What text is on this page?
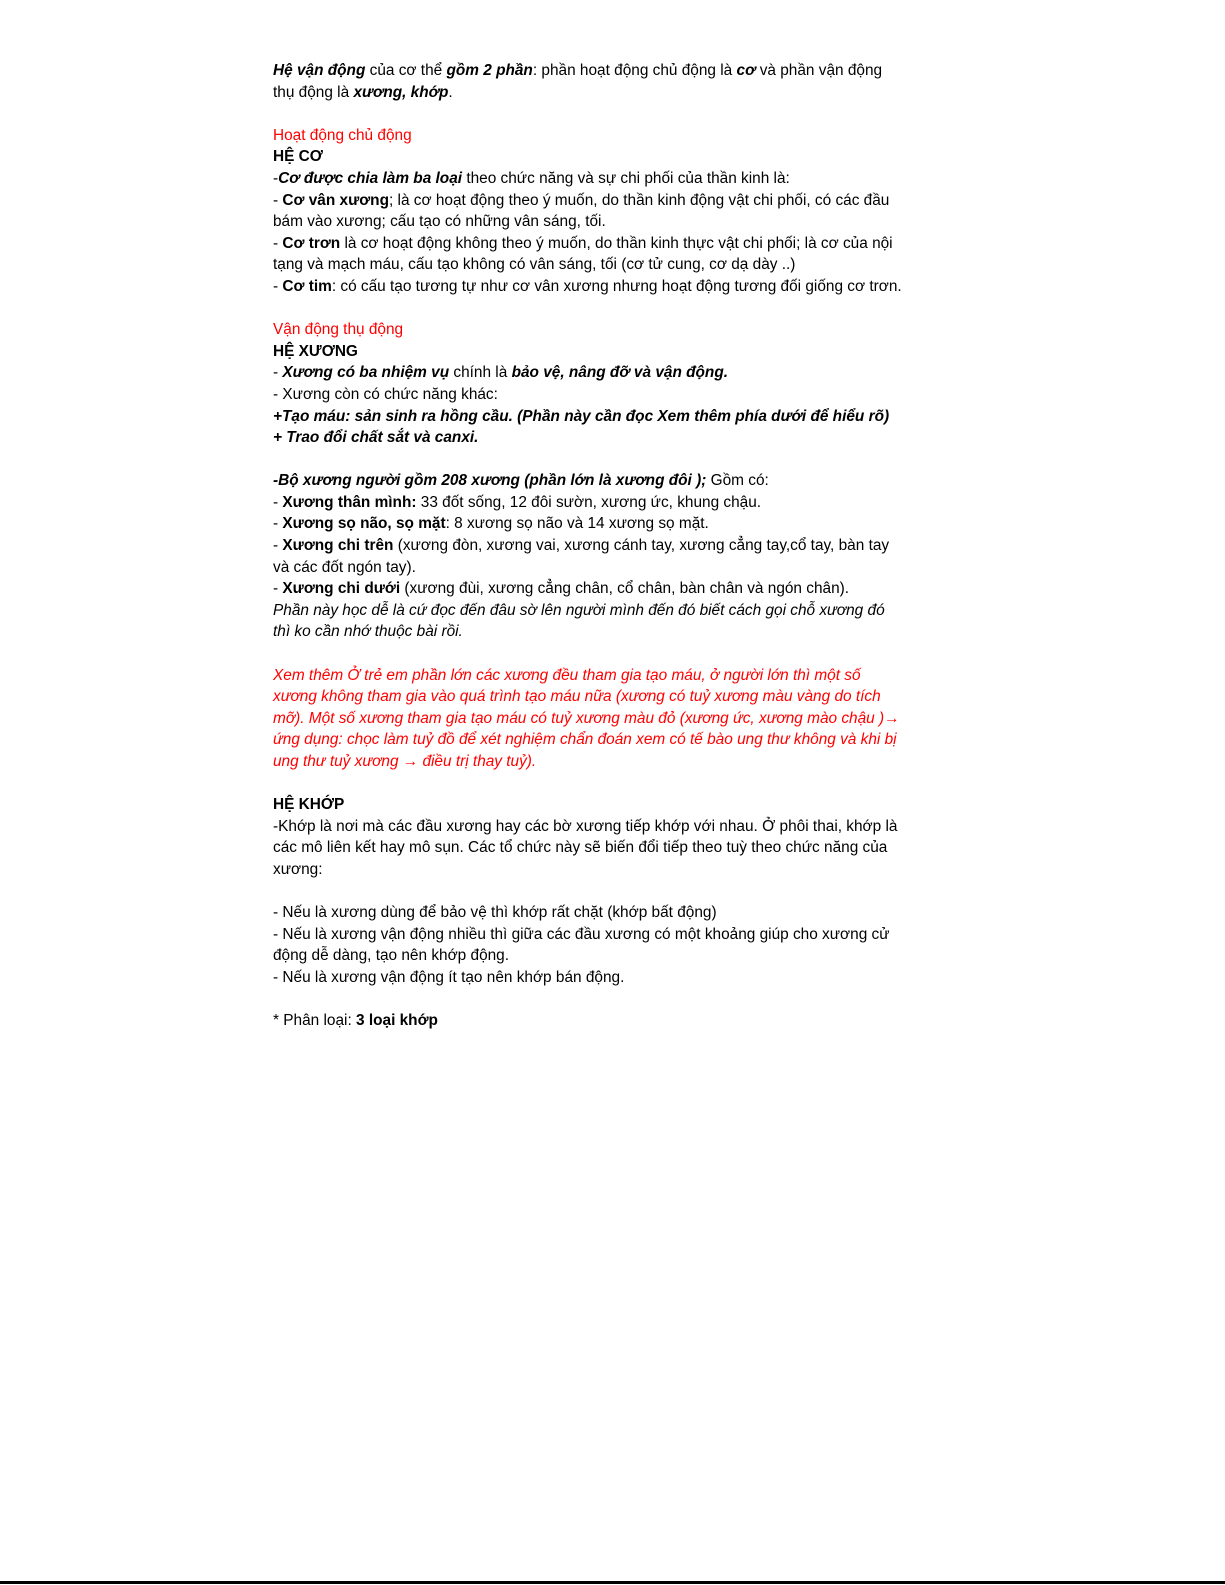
Hệ vận động của cơ thể gồm 2 phần: phần hoạt động chủ động là cơ và phần vận động
thụ động là xương, khớp.
Hoạt động chủ động
HỆ CƠ
-Cơ được chia làm ba loại theo chức năng và sự chi phối của thần kinh là:
- Cơ vân xương; là cơ hoạt động theo ý muốn, do thần kinh động vật chi phối, có các đầu
bám vào xương; cấu tạo có những vân sáng, tối.
- Cơ trơn là cơ hoạt động không theo ý muốn, do thần kinh thực vật chi phối; là cơ của nội
tạng và mạch máu, cấu tạo không có vân sáng, tối (cơ tử cung, cơ dạ dày ..)
- Cơ tim: có cấu tạo tương tự như cơ vân xương nhưng hoạt động tương đối giống cơ trơn.
Vận động thụ động
HỆ XƯƠNG
- Xương có ba nhiệm vụ chính là bảo vệ, nâng đỡ và vận động.
- Xương còn có chức năng khác:
+Tạo máu: sản sinh ra hồng cầu. (Phần này cần đọc Xem thêm phía dưới để hiểu rõ)
+ Trao đổi chất sắt và canxi.
-Bộ xương người gồm 208 xương (phần lớn là xương đôi ); Gồm có:
- Xương thân mình: 33 đốt sống, 12 đôi sườn, xương ức, khung chậu.
- Xương sọ não, sọ mặt: 8 xương sọ não và 14 xương sọ mặt.
- Xương chi trên (xương đòn, xương vai, xương cánh tay, xương cẳng tay,cổ tay, bàn tay
và các đốt ngón tay).
- Xương chi dưới (xương đùi, xương cẳng chân, cổ chân, bàn chân và ngón chân).
Phần này học dễ là cứ đọc đến đâu sờ lên người mình đến đó biết cách gọi chỗ xương đó
thì ko cần nhớ thuộc bài rồi.
Xem thêm Ở trẻ em phần lớn các xương đều tham gia tạo máu, ở người lớn thì một số
xương không tham gia vào quá trình tạo máu nữa (xương có tuỷ xương màu vàng do tích
mỡ). Một số xương tham gia tạo máu có tuỷ xương màu đỏ (xương ức, xương mào chậu )→
ứng dụng: chọc làm tuỷ đồ để xét nghiệm chẩn đoán xem có tế bào ung thư không và khi bị
ung thư tuỷ xương → điều trị thay tuỷ).
HỆ KHỚP
-Khớp là nơi mà các đầu xương hay các bờ xương tiếp khớp với nhau. Ở phôi thai, khớp là
các mô liên kết hay mô sụn. Các tổ chức này sẽ biến đổi tiếp theo tuỳ theo chức năng của
xương:
- Nếu là xương dùng để bảo vệ thì khớp rất chặt (khớp bất động)
- Nếu là xương vận động nhiều thì giữa các đầu xương có một khoảng giúp cho xương cử
động dễ dàng, tạo nên khớp động.
- Nếu là xương vận động ít tạo nên khớp bán động.
* Phân loại: 3 loại khớp
